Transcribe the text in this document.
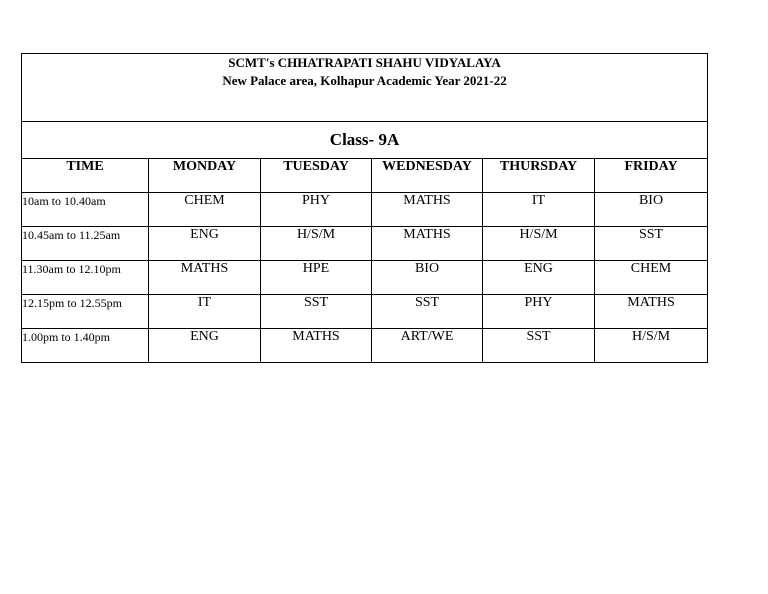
SCMT's CHHATRAPATI SHAHU VIDYALAYA
New Palace area, Kolhapur Academic Year 2021-22					

Class- 9A					
TIME	MONDAY	TUESDAY	WEDNESDAY	THURSDAY	FRIDAY
10am to 10.40am	CHEM	PHY	MATHS	IT	BIO
10.45am to 11.25am	ENG	H/S/M	MATHS	H/S/M	SST
11.30am to 12.10pm	MATHS	HPE	BIO	ENG	CHEM
12.15pm to 12.55pm	IT	SST	SST	PHY	MATHS
1.00pm to 1.40pm	ENG	MATHS	ART/WE	SST	H/S/M
